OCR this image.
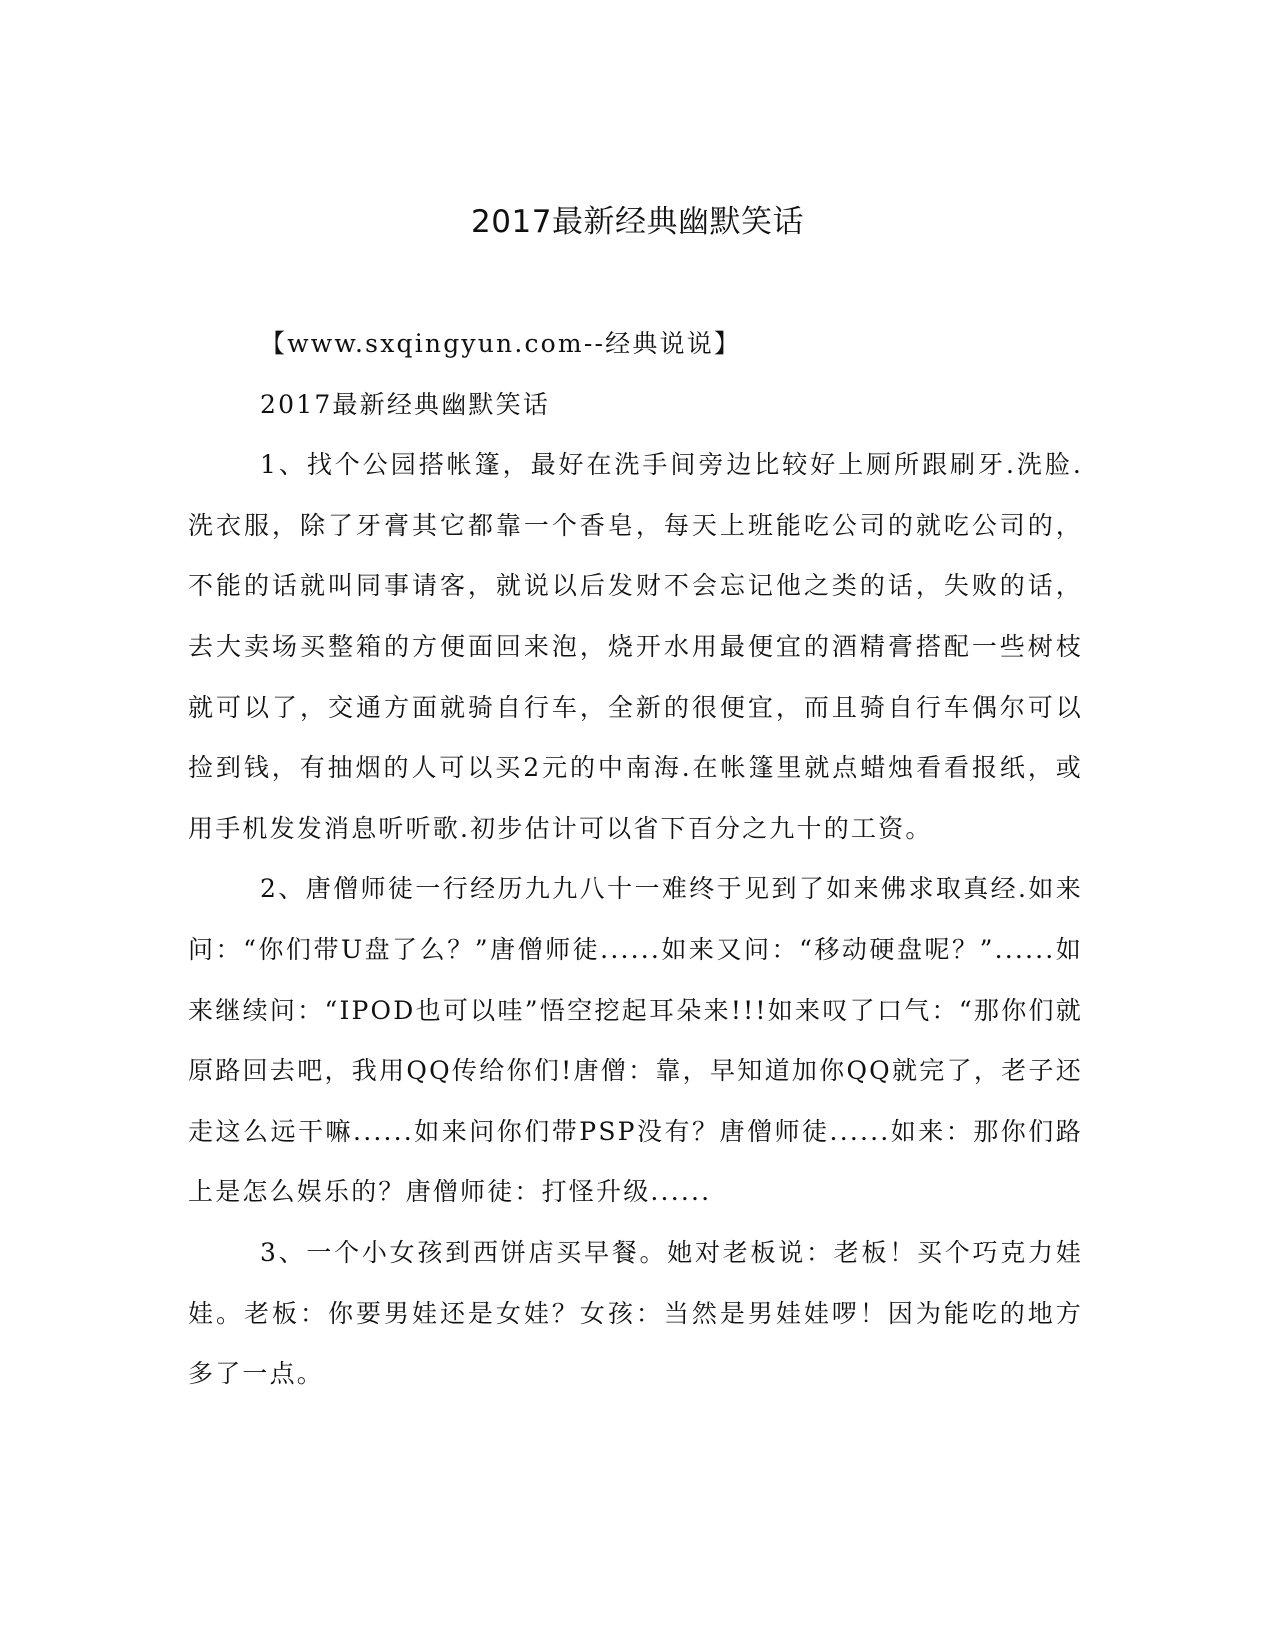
2017最新经典幽默笑话

【www.sxqingyun.com--经典说说】

2017最新经典幽默笑话

1、找个公园搭帐篷，最好在洗手间旁边比较好上厕所跟刷牙.洗脸.洗衣服，除了牙膏其它都靠一个香皂，每天上班能吃公司的就吃公司的，不能的话就叫同事请客，就说以后发财不会忘记他之类的话，失败的话，去大卖场买整箱的方便面回来泡，烧开水用最便宜的酒精膏搭配一些树枝就可以了，交通方面就骑自行车，全新的很便宜，而且骑自行车偶尔可以捡到钱，有抽烟的人可以买2元的中南海.在帐篷里就点蜡烛看看报纸，或用手机发发消息听听歌.初步估计可以省下百分之九十的工资。

2、唐僧师徒一行经历九九八十一难终于见到了如来佛求取真经.如来问：“你们带U盘了么？”唐僧师徒......如来又问：“移动硬盘呢？”......如来继续问：“IPOD也可以哇”悟空挖起耳朵来!!!如来叹了口气：“那你们就原路回去吧，我用QQ传给你们!唐僧：靠，早知道加你QQ就完了，老子还走这么远干嘛......如来问你们带PSP没有？唐僧师徒......如来：那你们路上是怎么娱乐的？唐僧师徒：打怪升级......

3、一个小女孩到西饼店买早餐。她对老板说：老板！买个巧克力娃娃。老板：你要男娃还是女娃？女孩：当然是男娃娃啰！因为能吃的地方多了一点。
